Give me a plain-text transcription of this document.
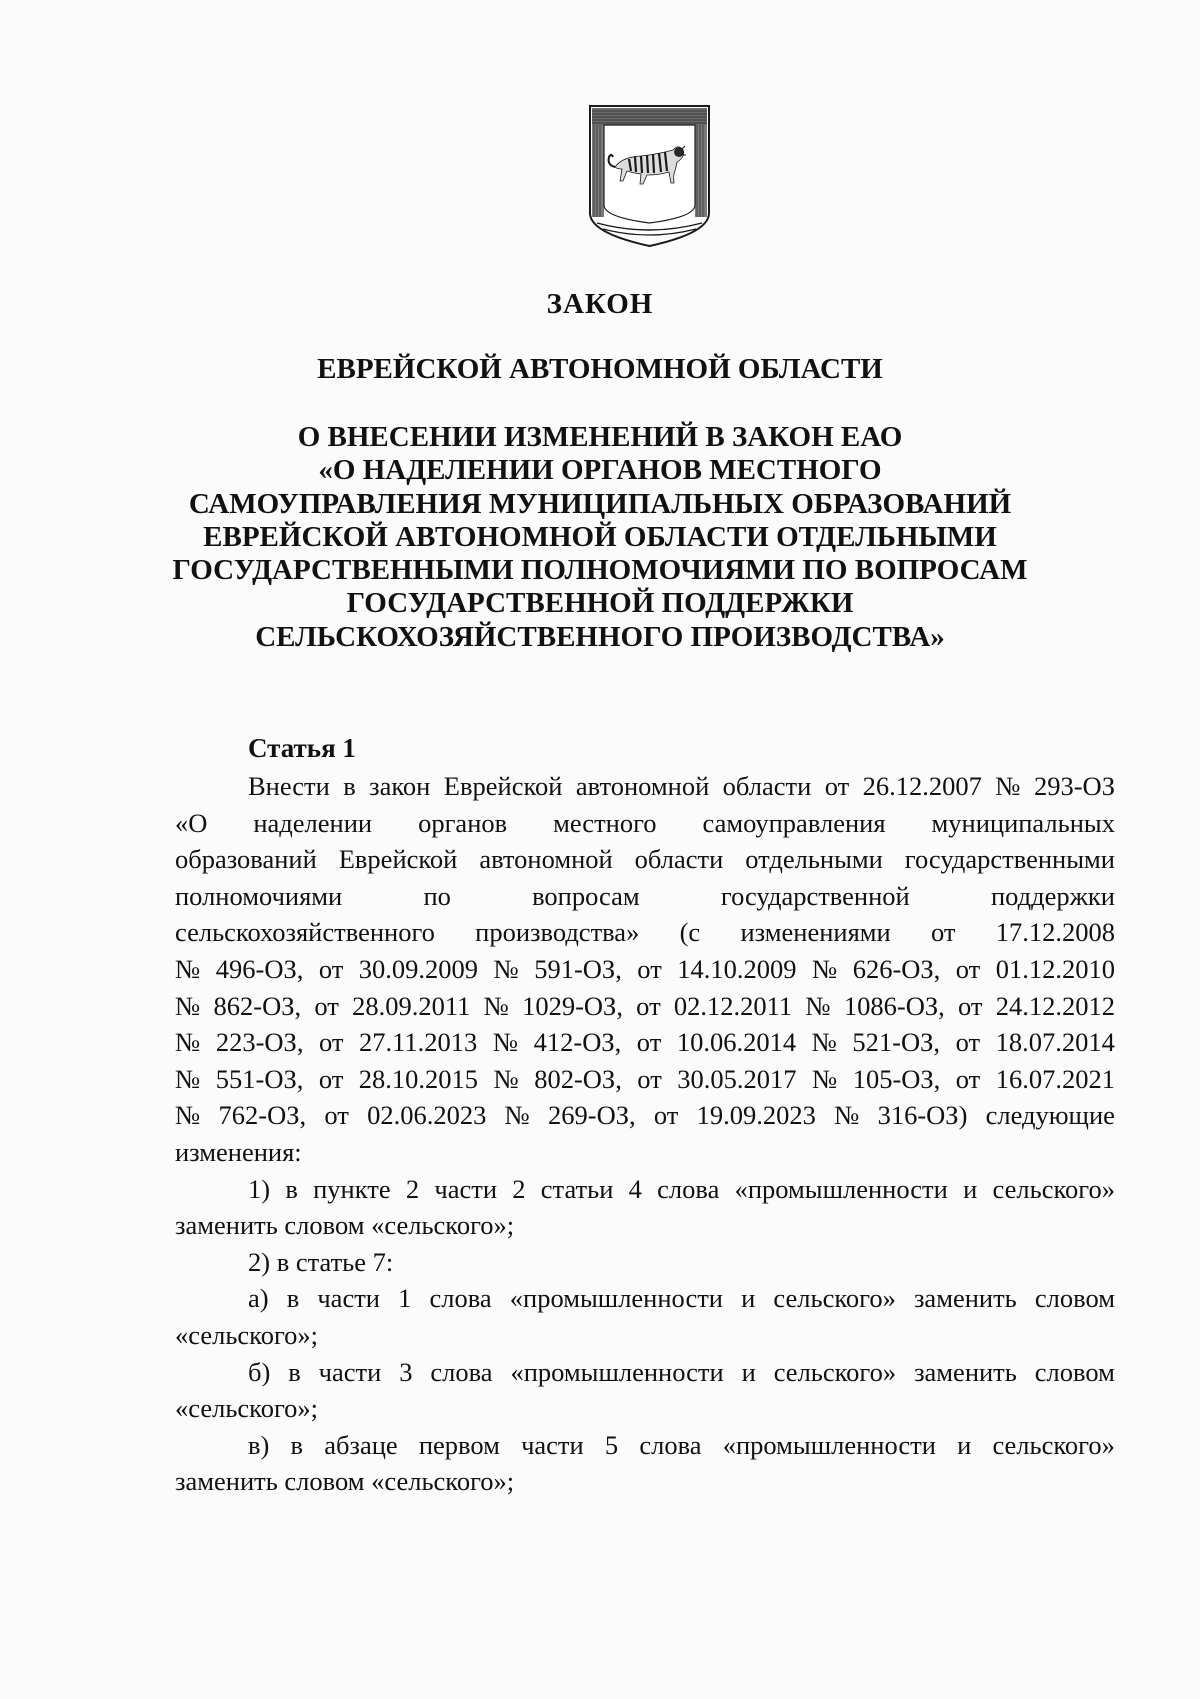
ЗАКОН
ЕВРЕЙСКОЙ АВТОНОМНОЙ ОБЛАСТИ
О ВНЕСЕНИИ ИЗМЕНЕНИЙ В ЗАКОН ЕАО
«О НАДЕЛЕНИИ ОРГАНОВ МЕСТНОГО
САМОУПРАВЛЕНИЯ МУНИЦИПАЛЬНЫХ ОБРАЗОВАНИЙ
ЕВРЕЙСКОЙ АВТОНОМНОЙ ОБЛАСТИ ОТДЕЛЬНЫМИ
ГОСУДАРСТВЕННЫМИ ПОЛНОМОЧИЯМИ ПО ВОПРОСАМ
ГОСУДАРСТВЕННОЙ ПОДДЕРЖКИ
СЕЛЬСКОХОЗЯЙСТВЕННОГО ПРОИЗВОДСТВА»
Статья 1
Внести в закон Еврейской автономной области от 26.12.2007 № 293-ОЗ
«О наделении органов местного самоуправления муниципальных
образований Еврейской автономной области отдельными государственными
полномочиями	по	вопросам	государственной	поддержки
сельскохозяйственного производства» (с изменениями от 17.12.2008
№ 496-ОЗ, от 30.09.2009 № 591-ОЗ, от 14.10.2009 № 626-ОЗ, от 01.12.2010
№ 862-ОЗ, от 28.09.2011 № 1029-ОЗ, от 02.12.2011 № 1086-ОЗ, от 24.12.2012
№ 223-ОЗ, от 27.11.2013 № 412-ОЗ, от 10.06.2014 № 521-ОЗ, от 18.07.2014
№ 551-ОЗ, от 28.10.2015 № 802-ОЗ, от 30.05.2017 № 105-ОЗ, от 16.07.2021
№ 762-ОЗ, от 02.06.2023 № 269-ОЗ, от 19.09.2023 № 316-ОЗ) следующие
изменения:
1) в пункте 2 части 2 статьи 4 слова «промышленности и сельского»
заменить словом «сельского»;
2) в статье 7:
а) в части 1 слова «промышленности и сельского» заменить словом
«сельского»;
б) в части 3 слова «промышленности и сельского» заменить словом
«сельского»;
в) в абзаце первом части 5 слова «промышленности и сельского»
заменить словом «сельского»;
